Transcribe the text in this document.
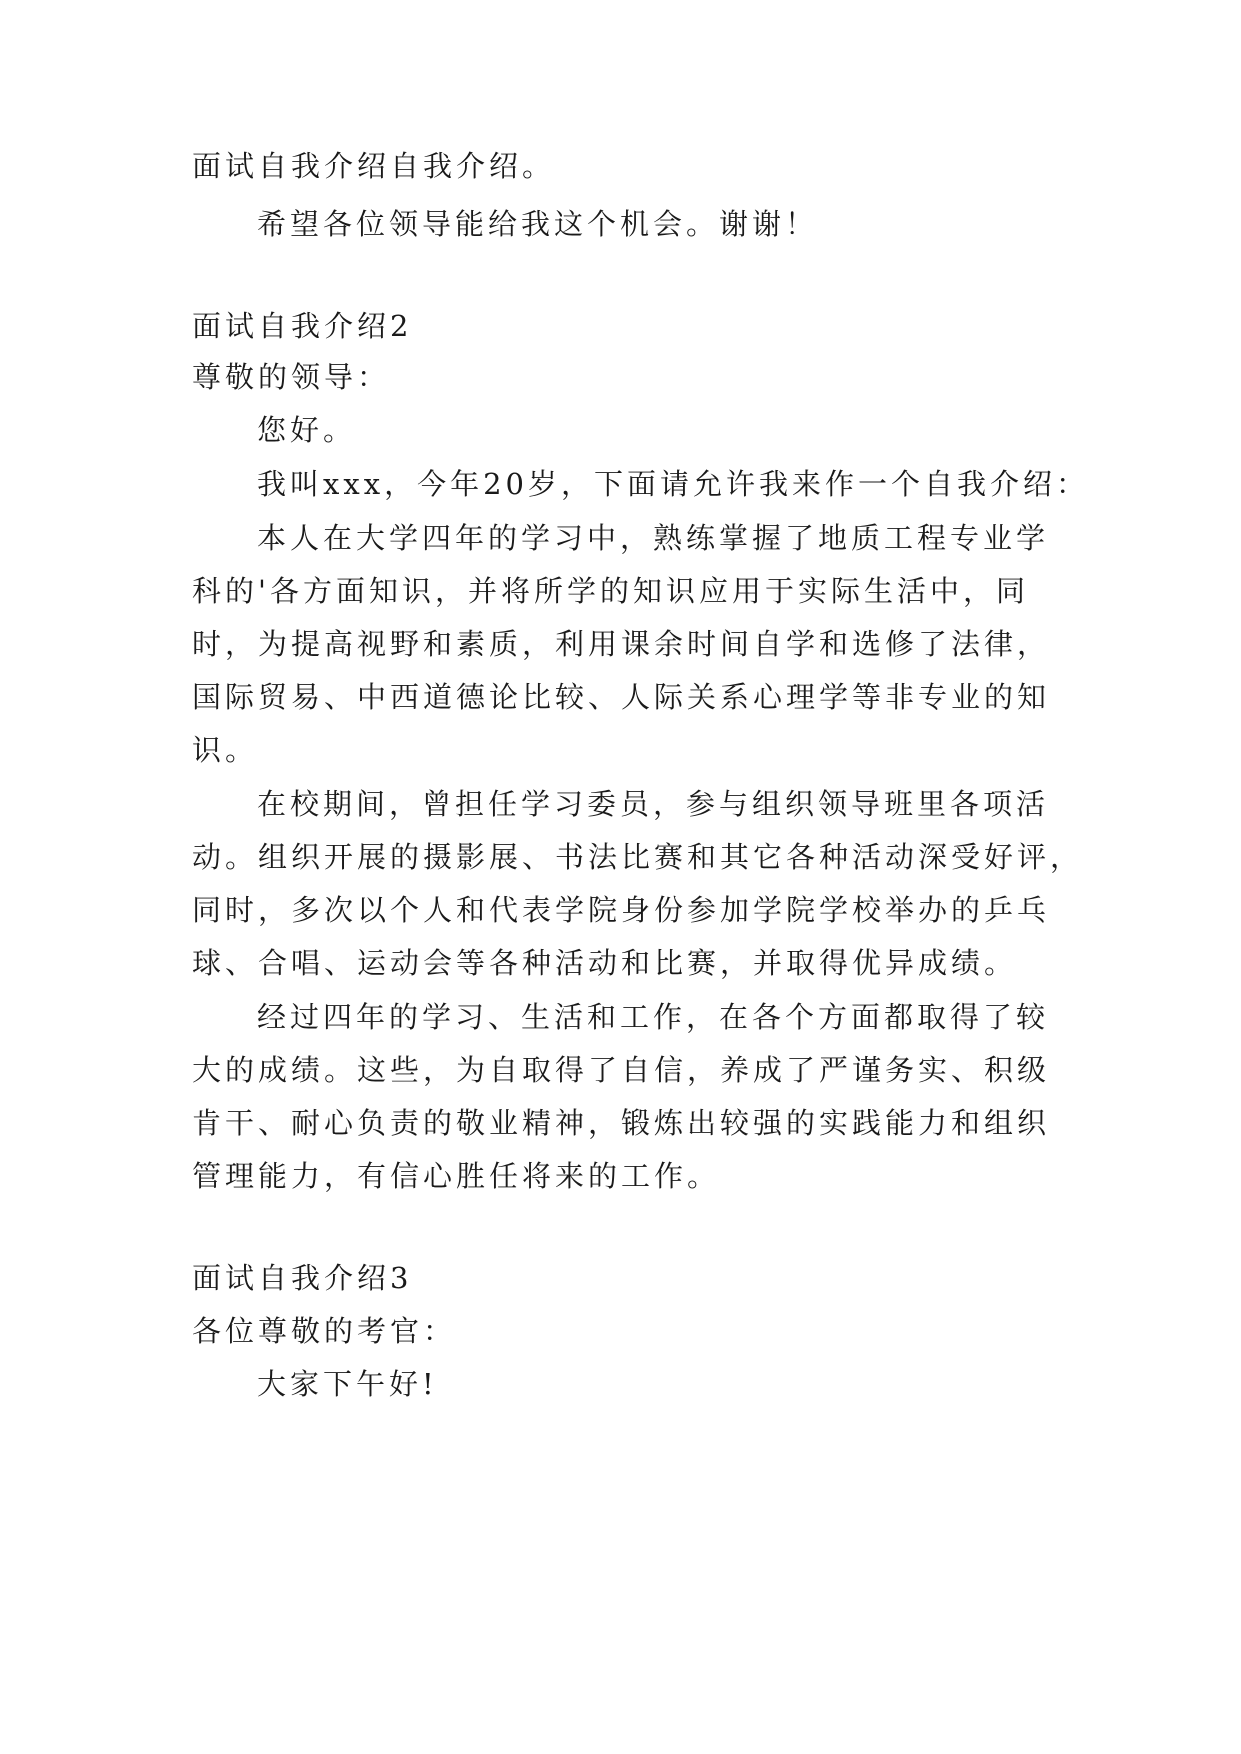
面试自我介绍自我介绍。
希望各位领导能给我这个机会。谢谢！
面试自我介绍2
尊敬的领导：
您好。
我叫xxx，今年20岁，下面请允许我来作一个自我介绍：
本人在大学四年的学习中，熟练掌握了地质工程专业学
科的'各方面知识，并将所学的知识应用于实际生活中，同
时，为提高视野和素质，利用课余时间自学和选修了法律，
国际贸易、中西道德论比较、人际关系心理学等非专业的知
识。
在校期间，曾担任学习委员，参与组织领导班里各项活
动。组织开展的摄影展、书法比赛和其它各种活动深受好评，
同时，多次以个人和代表学院身份参加学院学校举办的乒乓
球、合唱、运动会等各种活动和比赛，并取得优异成绩。
经过四年的学习、生活和工作，在各个方面都取得了较
大的成绩。这些，为自取得了自信，养成了严谨务实、积级
肯干、耐心负责的敬业精神，锻炼出较强的实践能力和组织
管理能力，有信心胜任将来的工作。
面试自我介绍3
各位尊敬的考官：
大家下午好!
